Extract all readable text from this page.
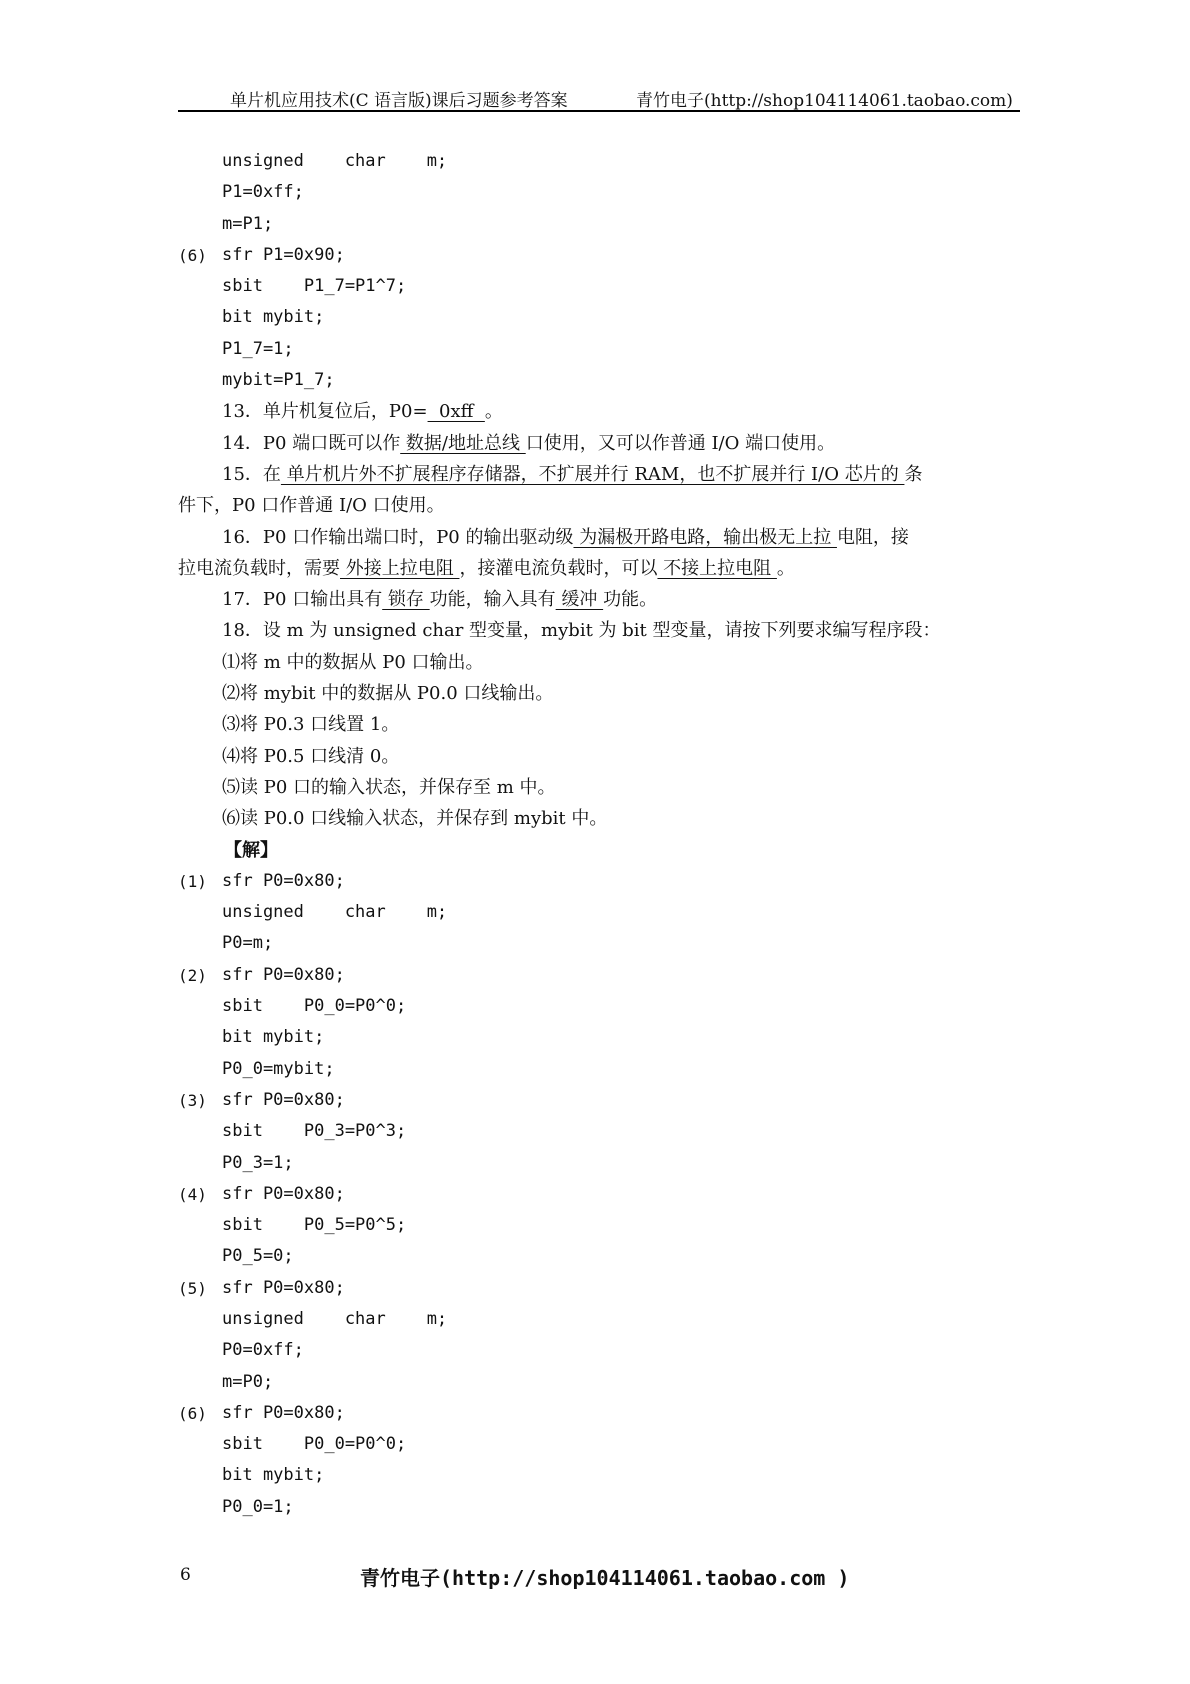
单片机应用技术(C 语言版)课后习题参考答案	青竹电子(http://shop104114061.taobao.com)
unsigned    char    m;
P1=0xff;
m=P1;
(6) sfr P1=0x90;
sbit    P1_7=P1^7;
bit mybit;
P1_7=1;
mybit=P1_7;
13．单片机复位后，P0=  0xff  。
14．P0 端口既可以作 数据/地址总线 口使用，又可以作普通 I/O 端口使用。
15．在 单片机片外不扩展程序存储器，不扩展并行 RAM，也不扩展并行 I/O 芯片的 条
件下，P0 口作普通 I/O 口使用。
16．P0 口作输出端口时，P0 的输出驱动级 为漏极开路电路，输出极无上拉 电阻，接
拉电流负载时，需要 外接上拉电阻 ，接灌电流负载时，可以 不接上拉电阻 。
17．P0 口输出具有 锁存 功能，输入具有 缓冲 功能。
18．设 m 为 unsigned char 型变量，mybit 为 bit 型变量，请按下列要求编写程序段：
⑴将 m 中的数据从 P0 口输出。
⑵将 mybit 中的数据从 P0.0 口线输出。
⑶将 P0.3 口线置 1。
⑷将 P0.5 口线清 0。
⑸读 P0 口的输入状态，并保存至 m 中。
⑹读 P0.0 口线输入状态，并保存到 mybit 中。
【解】
(1) sfr P0=0x80;
unsigned    char    m;
P0=m;
(2) sfr P0=0x80;
sbit    P0_0=P0^0;
bit mybit;
P0_0=mybit;
(3) sfr P0=0x80;
sbit    P0_3=P0^3;
P0_3=1;
(4) sfr P0=0x80;
sbit    P0_5=P0^5;
P0_5=0;
(5) sfr P0=0x80;
unsigned    char    m;
P0=0xff;
m=P0;
(6) sfr P0=0x80;
sbit    P0_0=P0^0;
bit mybit;
P0_0=1;
6	青竹电子(http://shop104114061.taobao.com )
